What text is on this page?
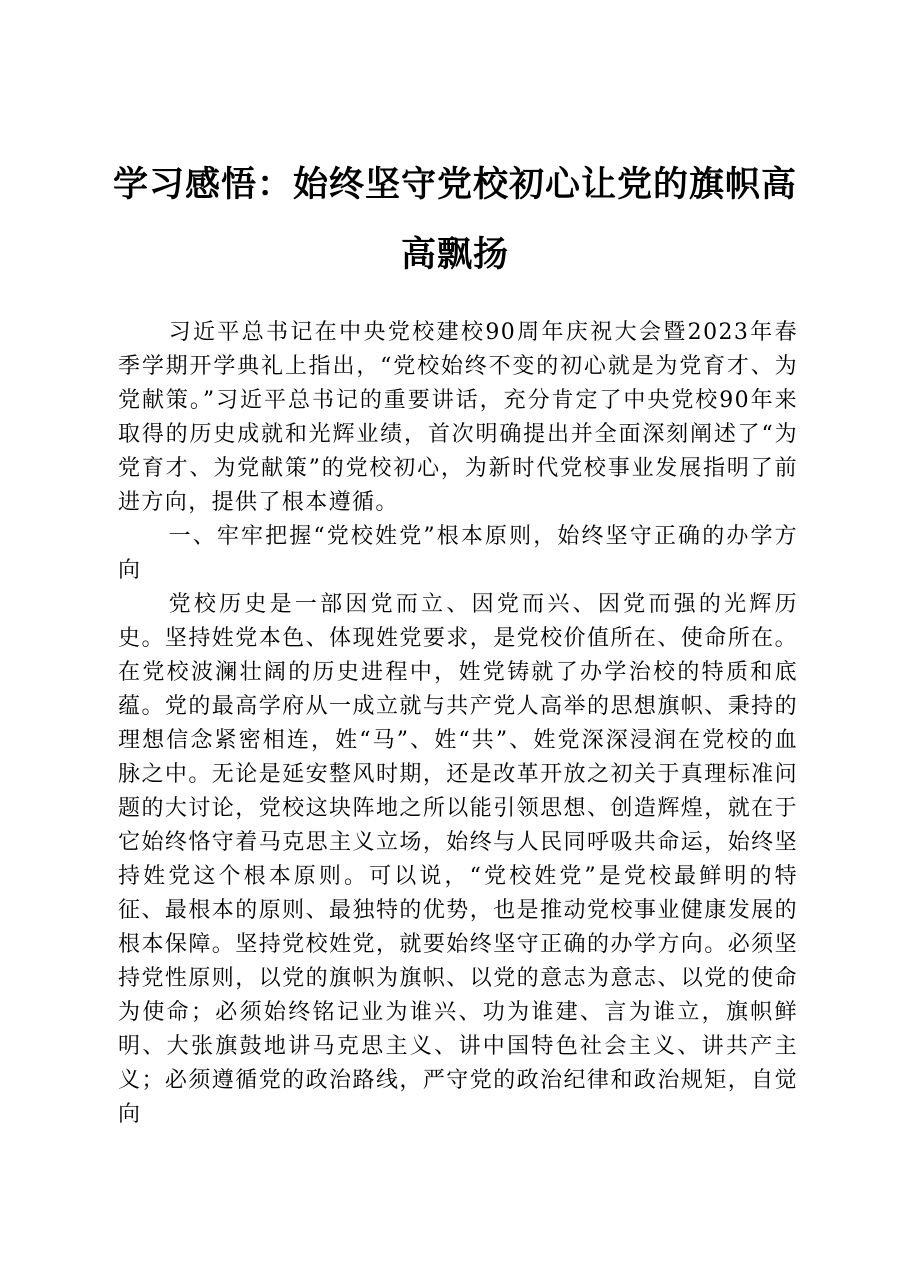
学习感悟：始终坚守党校初心让党的旗帜高高飘扬

习近平总书记在中央党校建校90周年庆祝大会暨2023年春季学期开学典礼上指出，“党校始终不变的初心就是为党育才、为党献策。”习近平总书记的重要讲话，充分肯定了中央党校90年来取得的历史成就和光辉业绩，首次明确提出并全面深刻阐述了“为党育才、为党献策”的党校初心，为新时代党校事业发展指明了前进方向，提供了根本遵循。

一、牢牢把握“党校姓党”根本原则，始终坚守正确的办学方向

党校历史是一部因党而立、因党而兴、因党而强的光辉历史。坚持姓党本色、体现姓党要求，是党校价值所在、使命所在。在党校波澜壮阔的历史进程中，姓党铸就了办学治校的特质和底蕴。党的最高学府从一成立就与共产党人高举的思想旗帜、秉持的理想信念紧密相连，姓“马”、姓“共”、姓党深深浸润在党校的血脉之中。无论是延安整风时期，还是改革开放之初关于真理标准问题的大讨论，党校这块阵地之所以能引领思想、创造辉煌，就在于它始终恪守着马克思主义立场，始终与人民同呼吸共命运，始终坚持姓党这个根本原则。可以说，“党校姓党”是党校最鲜明的特征、最根本的原则、最独特的优势，也是推动党校事业健康发展的根本保障。坚持党校姓党，就要始终坚守正确的办学方向。必须坚持党性原则，以党的旗帜为旗帜、以党的意志为意志、以党的使命为使命；必须始终铭记业为谁兴、功为谁建、言为谁立，旗帜鲜明、大张旗鼓地讲马克思主义、讲中国特色社会主义、讲共产主义；必须遵循党的政治路线，严守党的政治纪律和政治规矩，自觉向
